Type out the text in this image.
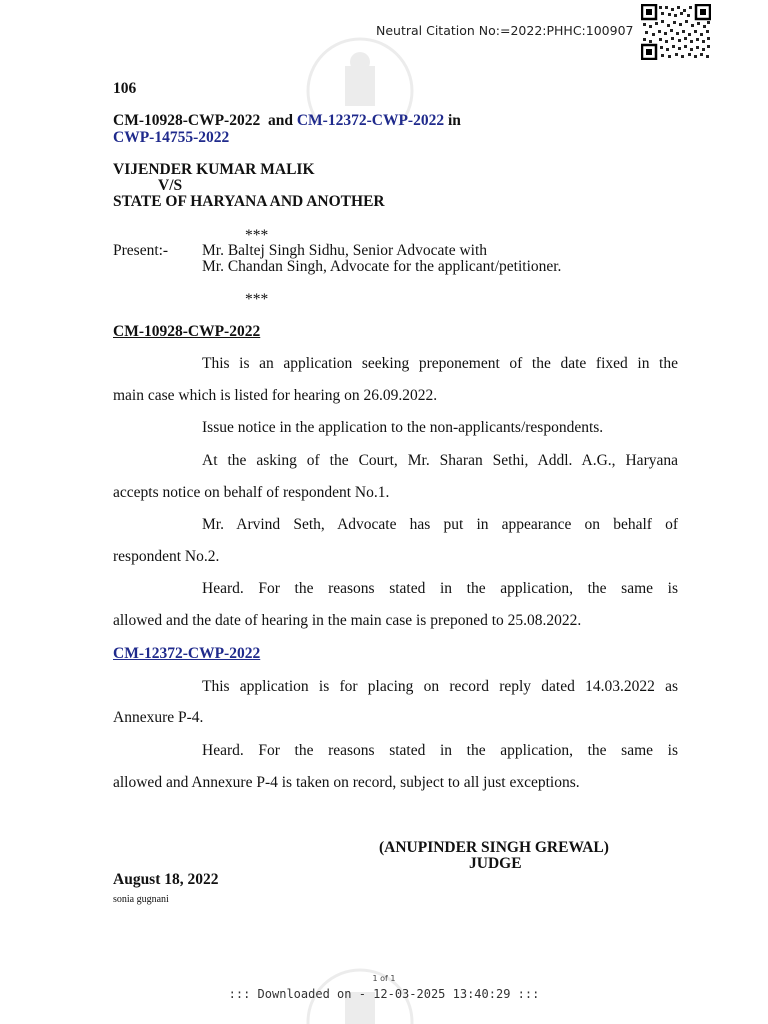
Neutral Citation No:=2022:PHHC:100907
106
CM-10928-CWP-2022 and CM-12372-CWP-2022 in
CWP-14755-2022
VIJENDER KUMAR MALIK
V/S
STATE OF HARYANA AND ANOTHER
***
Present:- Mr. Baltej Singh Sidhu, Senior Advocate with
Mr. Chandan Singh, Advocate for the applicant/petitioner.
***
CM-10928-CWP-2022
This is an application seeking preponement of the date fixed in the
main case which is listed for hearing on 26.09.2022.
Issue notice in the application to the non-applicants/respondents.
At the asking of the Court, Mr. Sharan Sethi, Addl. A.G., Haryana
accepts notice on behalf of respondent No.1.
Mr. Arvind Seth, Advocate has put in appearance on behalf of
respondent No.2.
Heard. For the reasons stated in the application, the same is
allowed and the date of hearing in the main case is preponed to 25.08.2022.
CM-12372-CWP-2022
This application is for placing on record reply dated 14.03.2022 as
Annexure P-4.
Heard. For the reasons stated in the application, the same is
allowed and Annexure P-4 is taken on record, subject to all just exceptions.
(ANUPINDER SINGH GREWAL)
JUDGE
August 18, 2022
sonia gugnani
1 of 1
::: Downloaded on - 12-03-2025 13:40:29 :::
